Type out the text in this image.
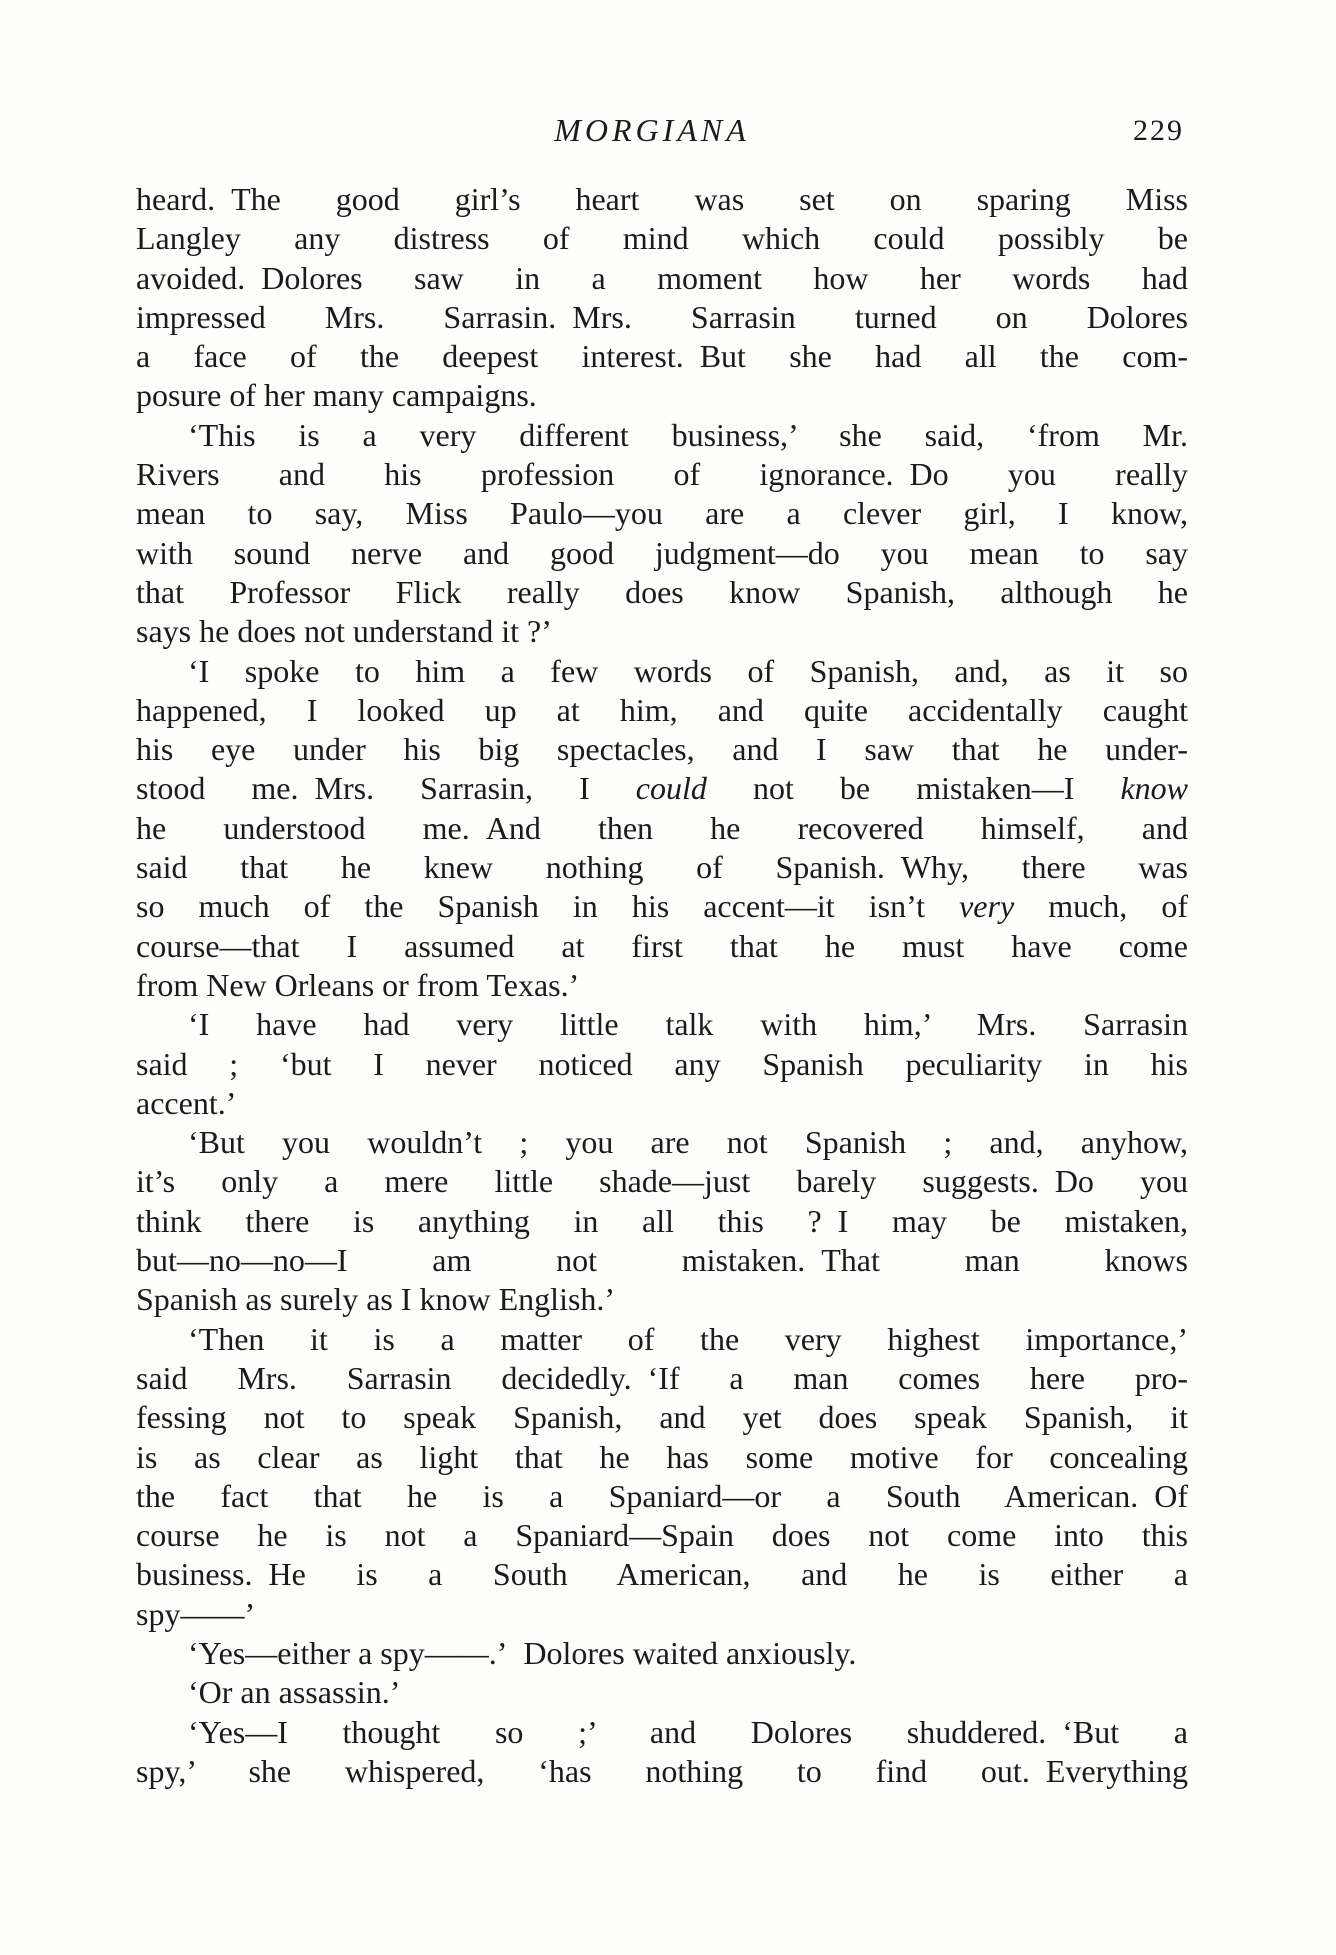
MORGIANA	229
heard. The good girl’s heart was set on sparing Miss
Langley any distress of mind which could possibly be
avoided. Dolores saw in a moment how her words had
impressed Mrs. Sarrasin. Mrs. Sarrasin turned on Dolores
a face of the deepest interest. But she had all the com-
posure of her many campaigns.
‘This is a very different business,’ she said, ‘from Mr.
Rivers and his profession of ignorance. Do you really
mean to say, Miss Paulo—you are a clever girl, I know,
with sound nerve and good judgment—do you mean to say
that Professor Flick really does know Spanish, although he
says he does not understand it ?’
‘I spoke to him a few words of Spanish, and, as it so
happened, I looked up at him, and quite accidentally caught
his eye under his big spectacles, and I saw that he under-
stood me. Mrs. Sarrasin, I could not be mistaken—I know
he understood me. And then he recovered himself, and
said that he knew nothing of Spanish. Why, there was
so much of the Spanish in his accent—it isn’t very much, of
course—that I assumed at first that he must have come
from New Orleans or from Texas.’
‘I have had very little talk with him,’ Mrs. Sarrasin
said ; ‘but I never noticed any Spanish peculiarity in his
accent.’
‘But you wouldn’t ; you are not Spanish ; and, anyhow,
it’s only a mere little shade—just barely suggests. Do you
think there is anything in all this ? I may be mistaken,
but—no—no—I am not mistaken. That man knows
Spanish as surely as I know English.’
‘Then it is a matter of the very highest importance,’
said Mrs. Sarrasin decidedly. ‘If a man comes here pro-
fessing not to speak Spanish, and yet does speak Spanish, it
is as clear as light that he has some motive for concealing
the fact that he is a Spaniard—or a South American. Of
course he is not a Spaniard—Spain does not come into this
business. He is a South American, and he is either a
spy——’
‘Yes—either a spy——.’ Dolores waited anxiously.
‘Or an assassin.’
‘Yes—I thought so ;’ and Dolores shuddered. ‘But a
spy,’ she whispered, ‘has nothing to find out. Everything
